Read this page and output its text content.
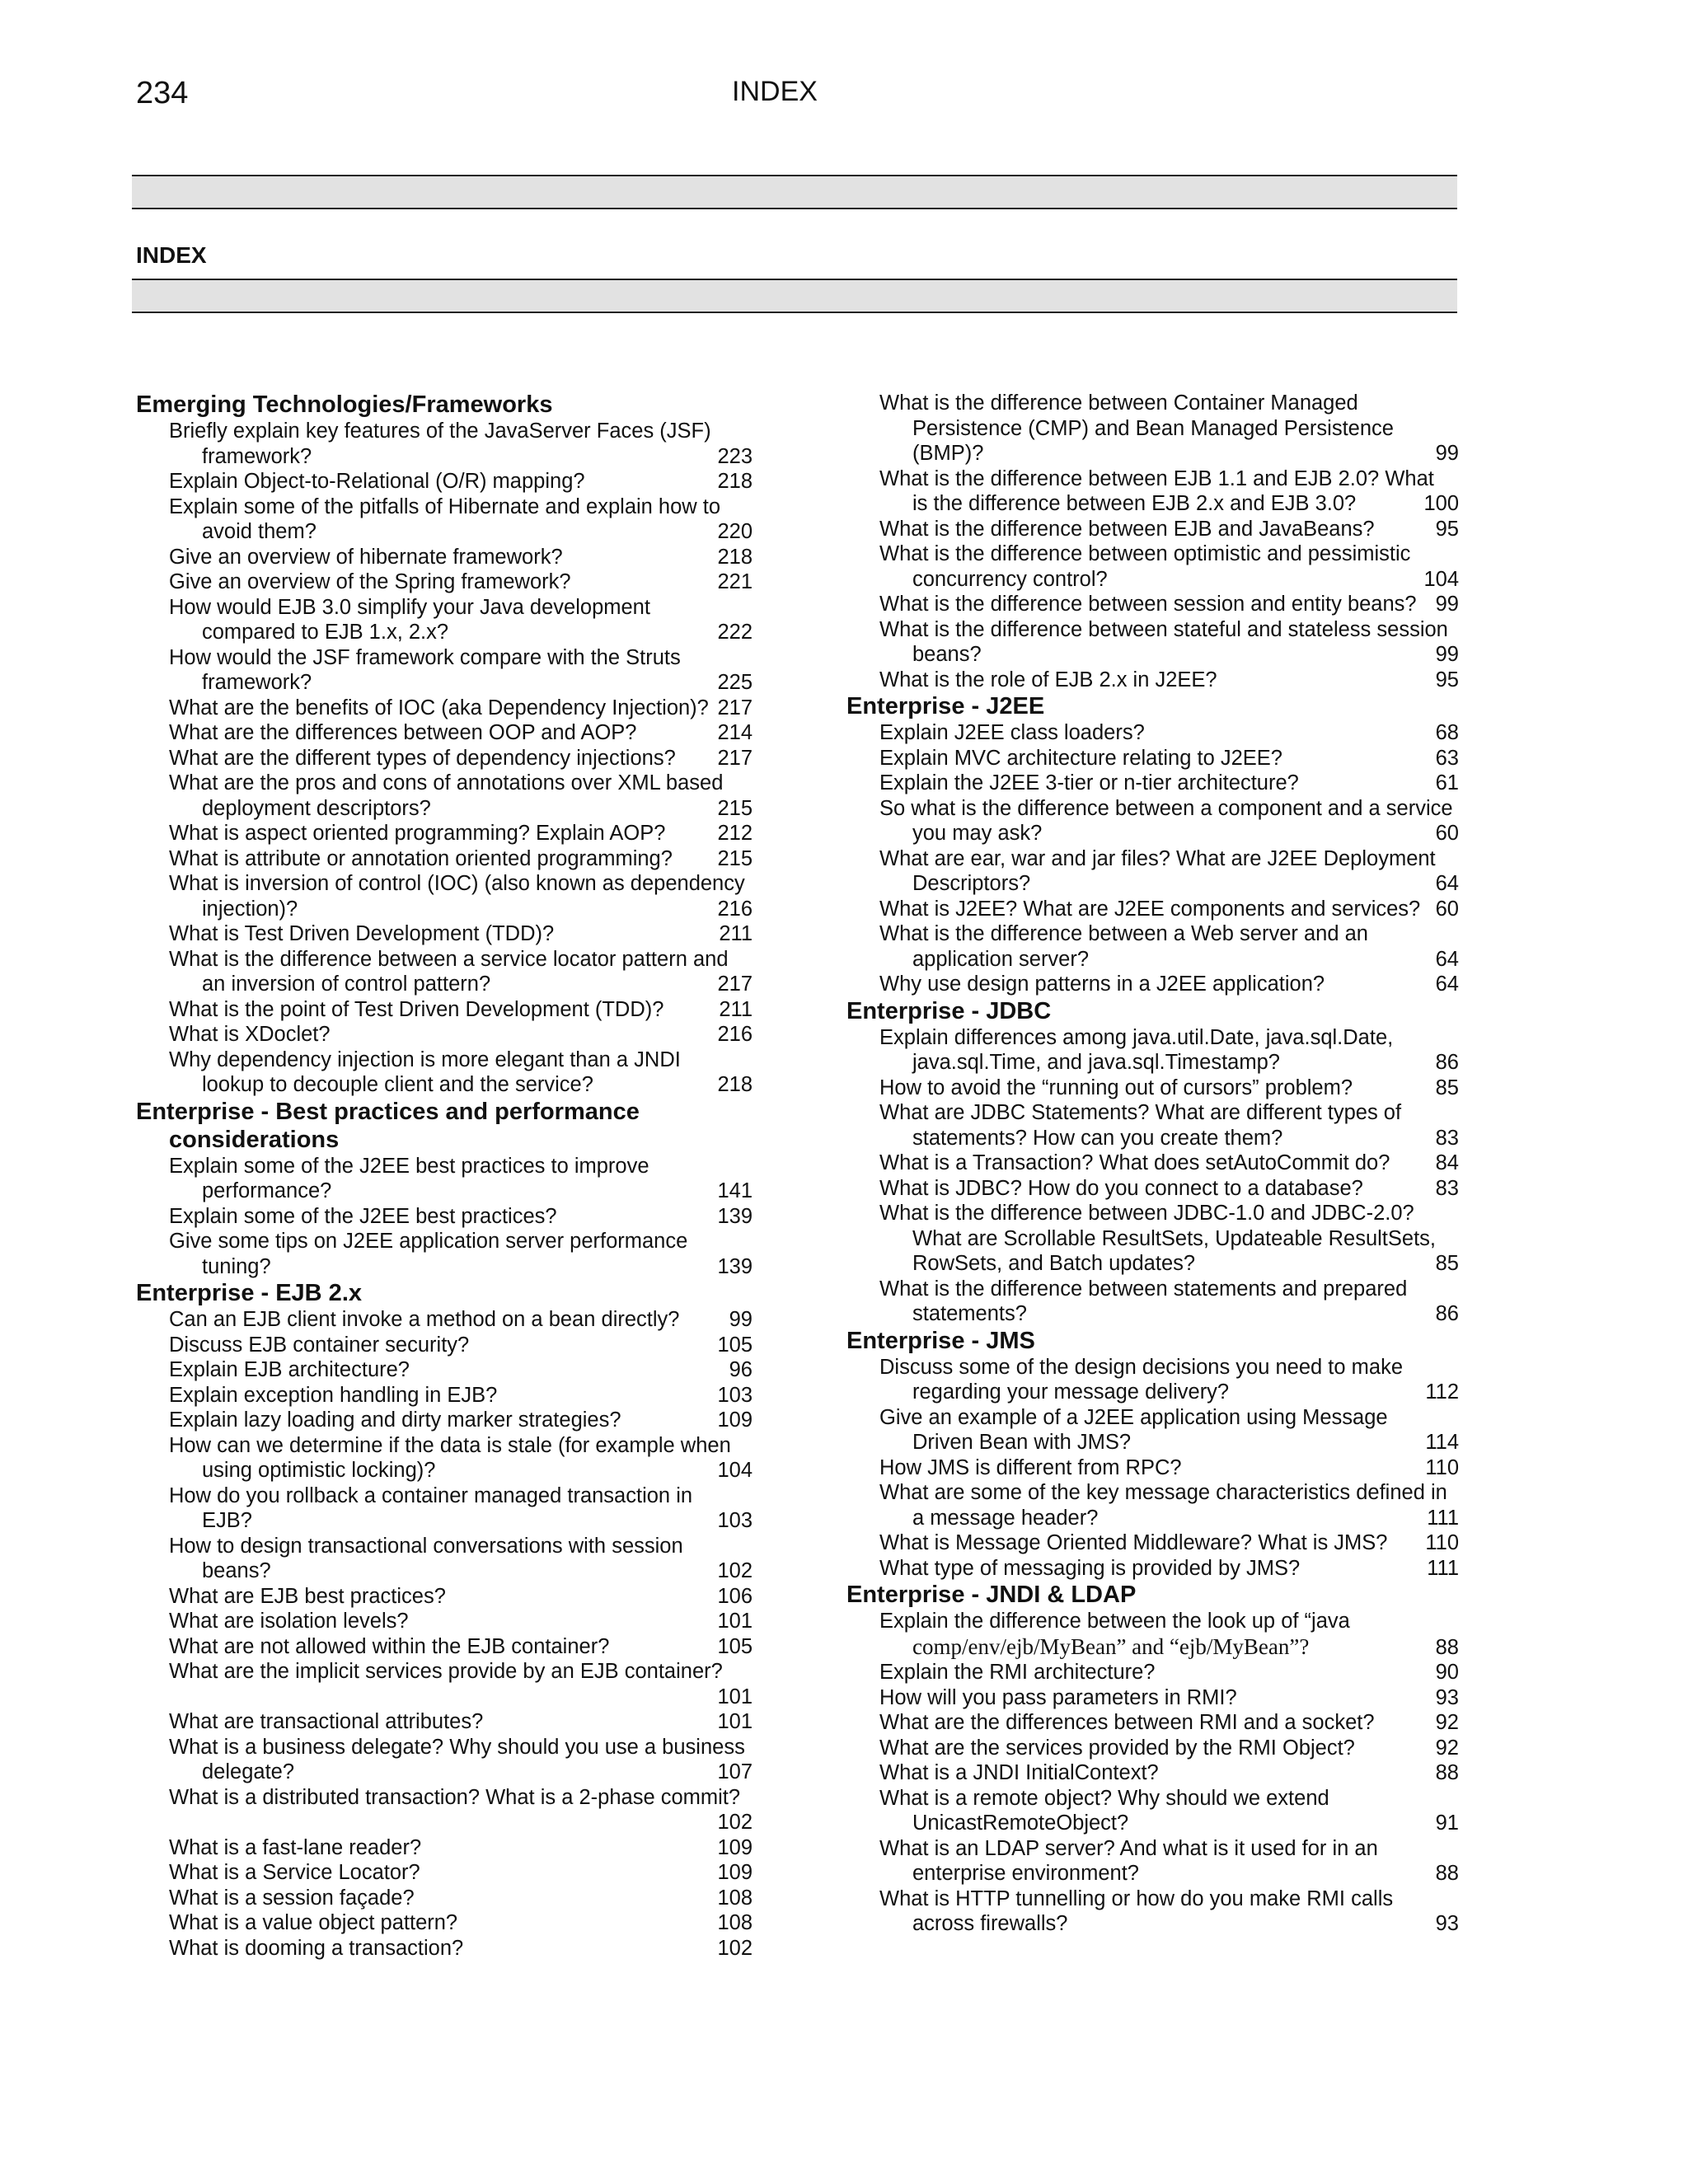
234	INDEX
INDEX
Emerging Technologies/Frameworks
Briefly explain key features of the JavaServer Faces (JSF) framework?	223
Explain Object-to-Relational (O/R) mapping?	218
Explain some of the pitfalls of Hibernate and explain how to avoid them?	220
Give an overview of hibernate framework?	218
Give an overview of the Spring framework?	221
How would EJB 3.0 simplify your Java development compared to EJB 1.x, 2.x?	222
How would the JSF framework compare with the Struts framework?	225
What are the benefits of IOC (aka Dependency Injection)? 217
What are the differences between OOP and AOP?	214
What are the different types of dependency injections? 217
What are the pros and cons of annotations over XML based deployment descriptors?	215
What is aspect oriented programming? Explain AOP? 212
What is attribute or annotation oriented programming? 215
What is inversion of control (IOC) (also known as dependency injection)?	216
What is Test Driven Development (TDD)?	211
What is the difference between a service locator pattern and an inversion of control pattern?	217
What is the point of Test Driven Development (TDD)?	211
What is XDoclet?	216
Why dependency injection is more elegant than a JNDI lookup to decouple client and the service?	218
Enterprise - Best practices and performance considerations
Explain some of the J2EE best practices to improve performance?	141
Explain some of the J2EE best practices?	139
Give some tips on J2EE application server performance tuning?	139
Enterprise - EJB 2.x
Can an EJB client invoke a method on a bean directly? 99
Discuss EJB container security?	105
Explain EJB architecture?	96
Explain exception handling in EJB?	103
Explain lazy loading and dirty marker strategies?	109
How can we determine if the data is stale (for example when using optimistic locking)?	104
How do you rollback a container managed transaction in EJB?	103
How to design transactional conversations with session beans?	102
What are EJB best practices?	106
What are isolation levels?	101
What are not allowed within the EJB container?	105
What are the implicit services provide by an EJB container?
101
What are transactional attributes?	101
What is a business delegate? Why should you use a business delegate?	107
What is a distributed transaction? What is a 2-phase commit?
102
What is a fast-lane reader?	109
What is a Service Locator?	109
What is a session façade?	108
What is a value object pattern?	108
What is dooming a transaction?	102
What is the difference between Container Managed Persistence (CMP) and Bean Managed Persistence (BMP)?	99
What is the difference between EJB 1.1 and EJB 2.0? What is the difference between EJB 2.x and EJB 3.0?	100
What is the difference between EJB and JavaBeans?	95
What is the difference between optimistic and pessimistic concurrency control?	104
What is the difference between session and entity beans? 99
What is the difference between stateful and stateless session beans?	99
What is the role of EJB 2.x in J2EE?	95
Enterprise - J2EE
Explain J2EE class loaders?	68
Explain MVC architecture relating to J2EE?	63
Explain the J2EE 3-tier or n-tier architecture?	61
So what is the difference between a component and a service you may ask?	60
What are ear, war and jar files? What are J2EE Deployment Descriptors?	64
What is J2EE? What are J2EE components and services? 60
What is the difference between a Web server and an application server?	64
Why use design patterns in a J2EE application?	64
Enterprise - JDBC
Explain differences among java.util.Date, java.sql.Date, java.sql.Time, and java.sql.Timestamp?	86
How to avoid the “running out of cursors” problem?	85
What are JDBC Statements? What are different types of statements? How can you create them?	83
What is a Transaction? What does setAutoCommit do? 84
What is JDBC? How do you connect to a database?	83
What is the difference between JDBC-1.0 and JDBC-2.0? What are Scrollable ResultSets, Updateable ResultSets, RowSets, and Batch updates?	85
What is the difference between statements and prepared statements?	86
Enterprise - JMS
Discuss some of the design decisions you need to make regarding your message delivery?	112
Give an example of a J2EE application using Message Driven Bean with JMS?	114
How JMS is different from RPC?	110
What are some of the key message characteristics defined in a message header?	111
What is Message Oriented Middleware? What is JMS? 110
What type of messaging is provided by JMS?	111
Enterprise - JNDI & LDAP
Explain the difference between the look up of “java
comp/env/ejb/MyBean” and “ejb/MyBean”?	88
Explain the RMI architecture?	90
How will you pass parameters in RMI?	93
What are the differences between RMI and a socket?	92
What are the services provided by the RMI Object?	92
What is a JNDI InitialContext?	88
What is a remote object? Why should we extend UnicastRemoteObject?	91
What is an LDAP server? And what is it used for in an enterprise environment?	88
What is HTTP tunnelling or how do you make RMI calls across firewalls?	93
